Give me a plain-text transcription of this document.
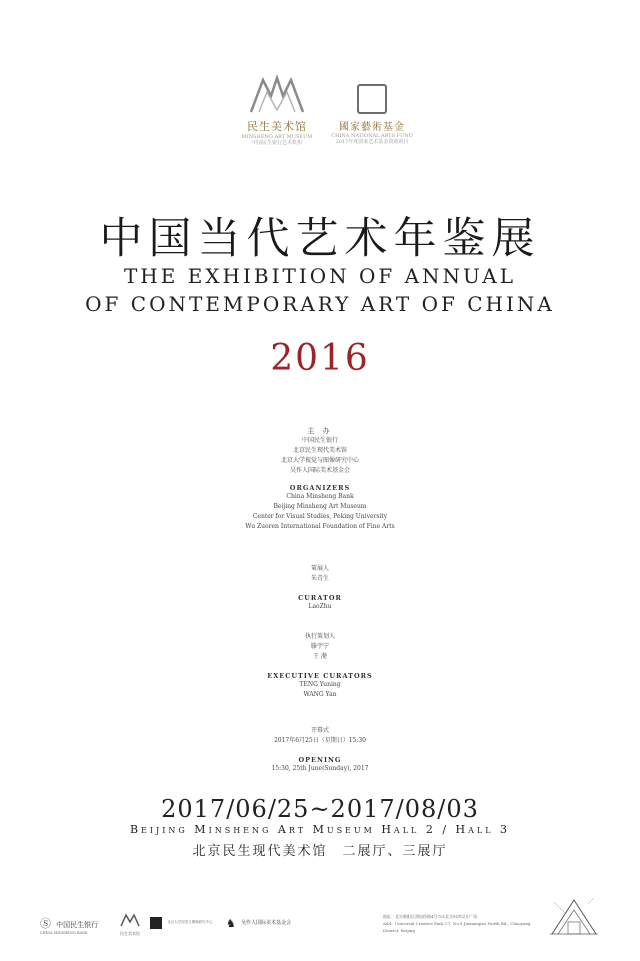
民生美术馆
MINSHENG ART MUSEUM
中国民生银行艺术机构
國家藝術基金
CHINA NATIONAL ARTS FUND
2017年度国家艺术基金资助项目
中国当代艺术年鉴展
THE EXHIBITION OF ANNUAL
OF CONTEMPORARY ART OF CHINA
2016
主 办
中国民生银行
北京民生现代美术馆
北京大学视觉与图像研究中心
吴作人国际美术基金会
ORGANIZERS
China Minsheng Bank
Beijing Minsheng Art Museum
Center for Visual Studies, Peking University
Wu Zuoren International Foundation of Fine Arts
策展人
朱青生
CURATOR
LaoZhu
执行策划人
滕宇宁
王 滟
EXECUTIVE CURATORS
TENG Yuning
WANG Yan
开幕式
2017年6月25日（星期日）15:30
OPENING
15:30, 25th June(Sunday), 2017
2017/06/25~2017/08/03
Beijing Minsheng Art Museum Hall 2 / Hall 3
北京民生现代美术馆　二展厅、三展厅
Ⓢ 中国民生银行
CHINA MINSHENG BANK	民生美术馆
北京大学视觉与图像研究中心	♞ 吴作人国际美术基金会
地址：北京朝阳区酒仙桥路4号751北京时尚设计广场
Add.: Universal Creative Park C7, No.9 Jiuxianqiao North Rd., Chaoyang District, Beijing
